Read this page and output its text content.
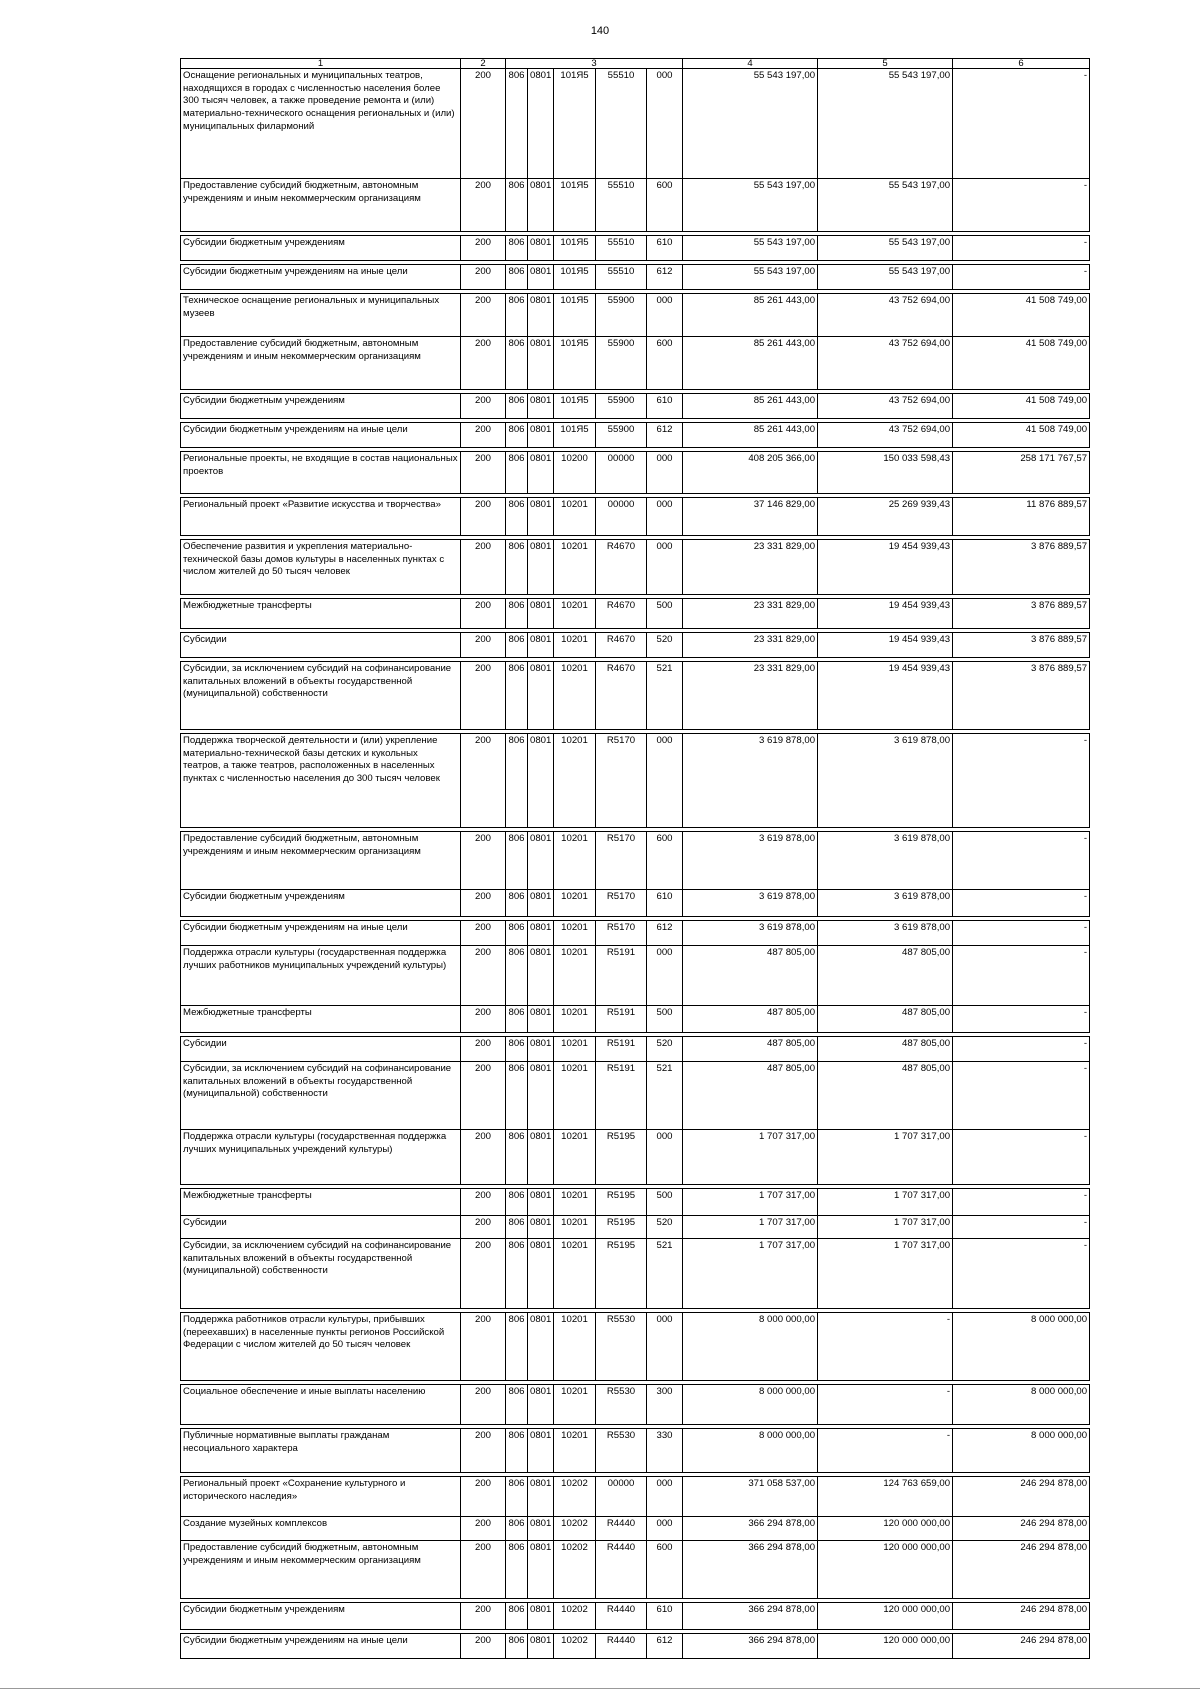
140
1	2	3					4	5	6
Оснащение региональных и муниципальных театров, находящихся в городах с численностью населения более 300 тысяч человек, а также проведение ремонта и (или) материально-технического оснащения региональных и (или) муниципальных филармоний	200	806	0801	101Я5	55510	000	55 543 197,00	55 543 197,00	-
Предоставление субсидий бюджетным, автономным учреждениям и иным некоммерческим организациям	200	806	0801	101Я5	55510	600	55 543 197,00	55 543 197,00	-

Субсидии бюджетным учреждениям	200	806	0801	101Я5	55510	610	55 543 197,00	55 543 197,00	-

Субсидии бюджетным учреждениям на иные цели	200	806	0801	101Я5	55510	612	55 543 197,00	55 543 197,00	-

Техническое оснащение региональных и муниципальных музеев	200	806	0801	101Я5	55900	000	85 261 443,00	43 752 694,00	41 508 749,00
Предоставление субсидий бюджетным, автономным учреждениям и иным некоммерческим организациям	200	806	0801	101Я5	55900	600	85 261 443,00	43 752 694,00	41 508 749,00

Субсидии бюджетным учреждениям	200	806	0801	101Я5	55900	610	85 261 443,00	43 752 694,00	41 508 749,00

Субсидии бюджетным учреждениям на иные цели	200	806	0801	101Я5	55900	612	85 261 443,00	43 752 694,00	41 508 749,00

Региональные проекты, не входящие в состав национальных проектов	200	806	0801	10200	00000	000	408 205 366,00	150 033 598,43	258 171 767,57

Региональный проект «Развитие искусства и творчества»	200	806	0801	10201	00000	000	37 146 829,00	25 269 939,43	11 876 889,57

Обеспечение развития и укрепления материально-технической базы домов культуры в населенных пунктах с числом жителей до 50 тысяч человек	200	806	0801	10201	R4670	000	23 331 829,00	19 454 939,43	3 876 889,57

Межбюджетные трансферты	200	806	0801	10201	R4670	500	23 331 829,00	19 454 939,43	3 876 889,57

Субсидии	200	806	0801	10201	R4670	520	23 331 829,00	19 454 939,43	3 876 889,57

Субсидии, за исключением субсидий на софинансирование капитальных вложений в объекты государственной (муниципальной) собственности	200	806	0801	10201	R4670	521	23 331 829,00	19 454 939,43	3 876 889,57

Поддержка творческой деятельности и (или) укрепление материально-технической базы детских и кукольных театров, а также театров, расположенных в населенных пунктах с численностью населения до 300 тысяч человек	200	806	0801	10201	R5170	000	3 619 878,00	3 619 878,00	-

Предоставление субсидий бюджетным, автономным учреждениям и иным некоммерческим организациям	200	806	0801	10201	R5170	600	3 619 878,00	3 619 878,00	-
Субсидии бюджетным учреждениям	200	806	0801	10201	R5170	610	3 619 878,00	3 619 878,00	-

Субсидии бюджетным учреждениям на иные цели	200	806	0801	10201	R5170	612	3 619 878,00	3 619 878,00	-
Поддержка отрасли культуры (государственная поддержка лучших работников муниципальных учреждений культуры)	200	806	0801	10201	R5191	000	487 805,00	487 805,00	-
Межбюджетные трансферты	200	806	0801	10201	R5191	500	487 805,00	487 805,00	-

Субсидии	200	806	0801	10201	R5191	520	487 805,00	487 805,00	-
Субсидии, за исключением субсидий на софинансирование капитальных вложений в объекты государственной (муниципальной) собственности	200	806	0801	10201	R5191	521	487 805,00	487 805,00	-
Поддержка отрасли культуры (государственная поддержка лучших муниципальных учреждений культуры)	200	806	0801	10201	R5195	000	1 707 317,00	1 707 317,00	-

Межбюджетные трансферты	200	806	0801	10201	R5195	500	1 707 317,00	1 707 317,00	-
Субсидии	200	806	0801	10201	R5195	520	1 707 317,00	1 707 317,00	-
Субсидии, за исключением субсидий на софинансирование капитальных вложений в объекты государственной (муниципальной) собственности	200	806	0801	10201	R5195	521	1 707 317,00	1 707 317,00	-

Поддержка работников отрасли культуры, прибывших (переехавших) в населенные пункты регионов Российской Федерации с числом жителей до 50 тысяч человек	200	806	0801	10201	R5530	000	8 000 000,00	-	8 000 000,00

Социальное обеспечение и иные выплаты населению	200	806	0801	10201	R5530	300	8 000 000,00	-	8 000 000,00

Публичные нормативные выплаты гражданам несоциального характера	200	806	0801	10201	R5530	330	8 000 000,00	-	8 000 000,00

Региональный проект «Сохранение культурного и исторического наследия»	200	806	0801	10202	00000	000	371 058 537,00	124 763 659,00	246 294 878,00
Создание музейных комплексов	200	806	0801	10202	R4440	000	366 294 878,00	120 000 000,00	246 294 878,00
Предоставление субсидий бюджетным, автономным учреждениям и иным некоммерческим организациям	200	806	0801	10202	R4440	600	366 294 878,00	120 000 000,00	246 294 878,00

Субсидии бюджетным учреждениям	200	806	0801	10202	R4440	610	366 294 878,00	120 000 000,00	246 294 878,00

Субсидии бюджетным учреждениям на иные цели	200	806	0801	10202	R4440	612	366 294 878,00	120 000 000,00	246 294 878,00
